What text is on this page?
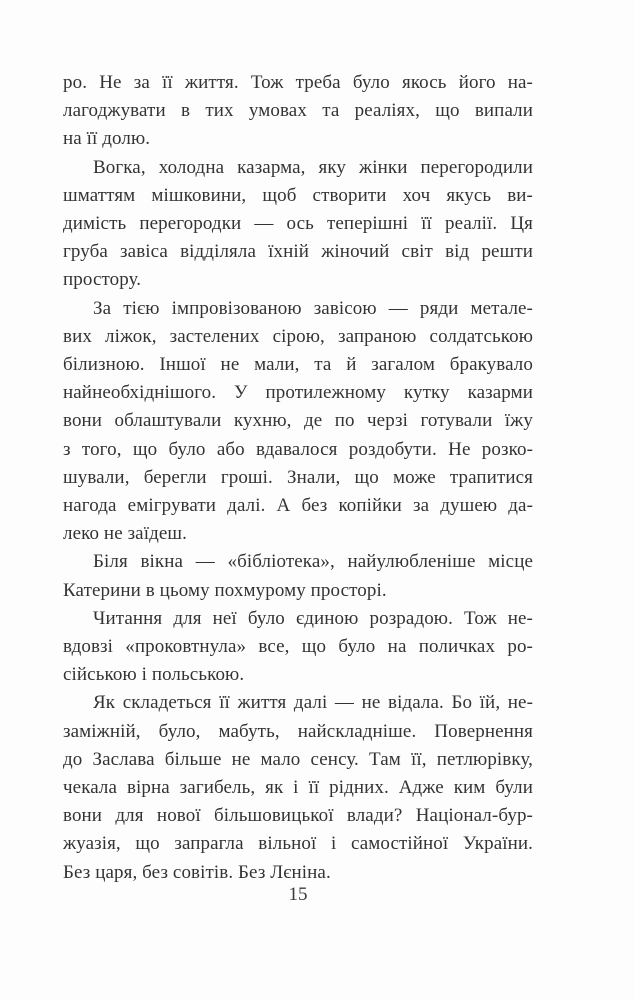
ро. Не за її життя. Тож треба було якось його на-
лагоджувати в тих умовах та реаліях, що випали
на її долю.
Вогка, холодна казарма, яку жінки перегородили
шматтям мішковини, щоб створити хоч якусь ви-
димість перегородки — ось теперішні її реалії. Ця
груба завіса відділяла їхній жіночий світ від решти
простору.
За тією імпровізованою завісою — ряди метале-
вих ліжок, застелених сірою, запраною солдатською
білизною. Іншої не мали, та й загалом бракувало
найнеобхіднішого. У протилежному кутку казарми
вони облаштували кухню, де по черзі готували їжу
з того, що було або вдавалося роздобути. Не розко-
шували, берегли гроші. Знали, що може трапитися
нагода емігрувати далі. А без копійки за душею да-
леко не заїдеш.
Біля вікна — «бібліотека», найулюбленіше місце
Катерини в цьому похмурому просторі.
Читання для неї було єдиною розрадою. Тож не-
вдовзі «проковтнула» все, що було на поличках ро-
сійською і польською.
Як складеться її життя далі — не відала. Бо їй, не-
заміжній, було, мабуть, найскладніше. Повернення
до Заслава більше не мало сенсу. Там її, петлюрівку,
чекала вірна загибель, як і її рідних. Адже ким були
вони для нової більшовицької влади? Націонал-бур-
жуазія, що запрагла вільної і самостійної України.
Без царя, без совітів. Без Лєніна.
15
